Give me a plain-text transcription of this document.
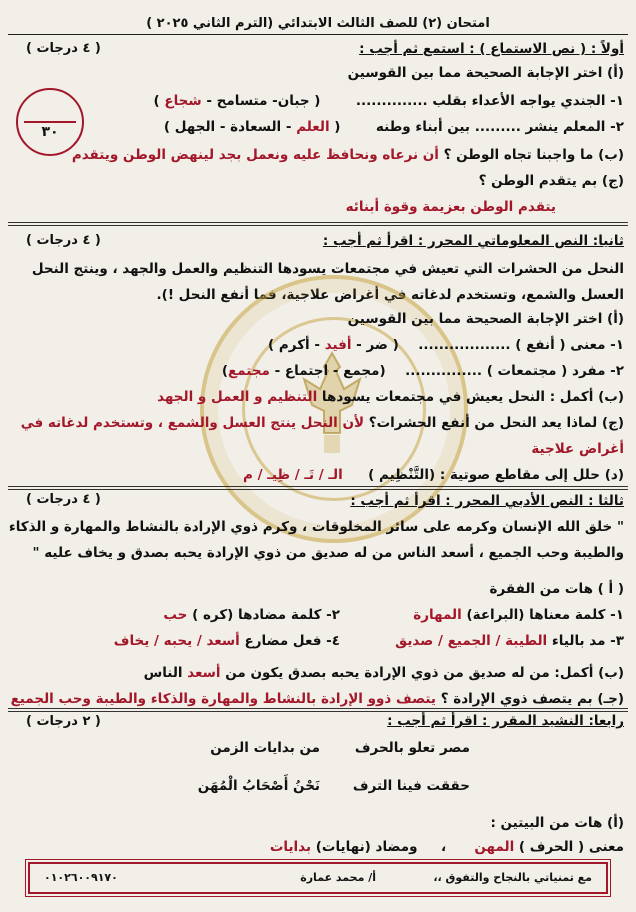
امتحان (٢) للصف الثالث الابتدائي (الترم الثاني ٢٠٢٥ )
أولاً : ( نص الاستماع ) : استمع ثم أجب :
( ٤ درجات )
(أ) اختر الإجابة الصحيحة مما بين القوسين
١- الجندي يواجه الأعداء بقلب ..............  ( جبان- متسامح - شجاع )
٢- المعلم ينشر ......... بين أبناء وطنه  ( العلم - السعادة - الجهل )
٣٠
(ب) ما واجبنا تجاه الوطن ؟ أن نرعاه ونحافظ عليه ونعمل بجد لينهض الوطن ويتقدم
(ج) بم يتقدم الوطن ؟
يتقدم الوطن بعزيمة وقوة أبنائه
ثانيا: النص المعلوماتي المحرر : اقرأ ثم أجب :
( ٤ درجات )
النحل من الحشرات التي تعيش في مجتمعات يسودها التنظيم والعمل والجهد ، وينتج النحل
العسل والشمع، وتستخدم لدغاته في أغراض علاجية، فما أنفع النحل !).
(أ) اختر الإجابة الصحيحة مما بين القوسين
١- معنى ( أنفع ) ..................  ( ضر - أفيد - أكرم )
٢- مفرد ( مجتمعات ) ...............  (مجمع - اجتماع - مجتمع)
(ب) أكمل : النحل يعيش في مجتمعات يسودها التنظيم و العمل و الجهد
(ج) لماذا يعد النحل من أنفع الحشرات؟ لأن النحل ينتج العسل والشمع ، وتستخدم لدغاته في
أغراض علاجية
(د) حلل إلى مقاطع صوتية : (التَّنْظِيم )  الـ / تَـ / ظِيـ / م
ثالثا : النص الأدبي المحرر : اقرأ ثم أجب :
( ٤ درجات )
" خلق الله الإنسان وكرمه على سائر المخلوقات ، وكرم ذوي الإرادة بالنشاط والمهارة و الذكاء
والطيبة وحب الجميع ، أسعد الناس من له صديق من ذوي الإرادة يحبه بصدق و يخاف عليه "
( أ ) هات من الفقرة
١- كلمة معناها (البراعة) المهارة
٢- كلمة مضادها (كره ) حب
٣- مد بالياء الطيبة / الجميع / صديق
٤- فعل مضارع أسعد / يحبه / يخاف
(ب) أكمل: من له صديق من ذوي الإرادة يحبه بصدق يكون من أسعد الناس
(جـ) بم يتصف ذوي الإرادة ؟ يتصف ذوو الإرادة بالنشاط والمهارة والذكاء والطيبة وحب الجميع
رابعا: النشيد المقرر : اقرأ ثم أجب :
( ٢ درجات )
مصر تعلو بالحرف
من بدايات الزمن
حققت فينا الترف
نَحْنُ أَصْحَابُ الْمُهَن
(أ) هات من البيتين :
معنى ( الحرف ) المهن      ،     ومضاد (نهايات) بدايات
مع تمنياتي بالنجاح والتفوق ،،
أ/ محمد عمارة
٠١٠٢٦٠٠٩١٧٠
